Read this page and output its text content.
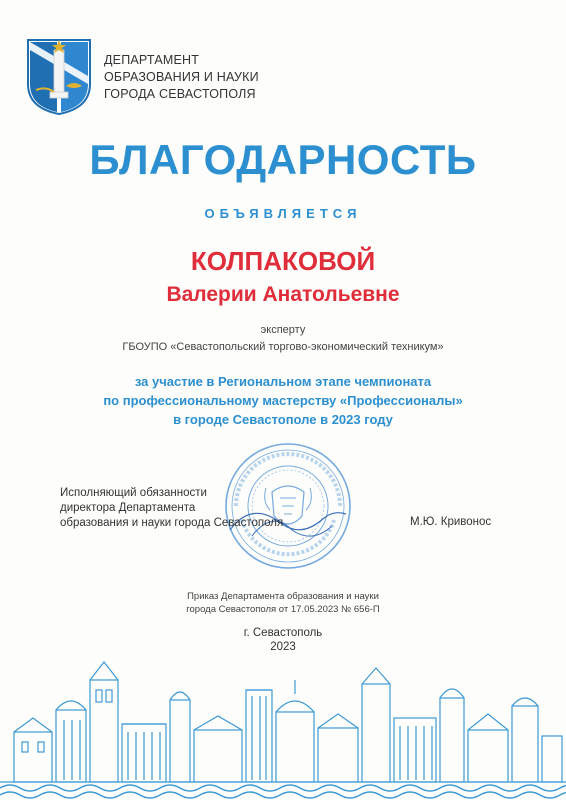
ДЕПАРТАМЕНТ
ОБРАЗОВАНИЯ И НАУКИ
ГОРОДА СЕВАСТОПОЛЯ
БЛАГОДАРНОСТЬ
ОБЪЯВЛЯЕТСЯ
КОЛПАКОВОЙ
Валерии Анатольевне
эксперту
ГБОУПО «Севастопольский торгово-экономический техникум»
за участие в Региональном этапе чемпионата
по профессиональному мастерству «Профессионалы»
в городе Севастополе в 2023 году
Исполняющий обязанности
директора Департамента
образования и науки города Севастополя	М.Ю. Кривонос
Приказ Департамента образования и науки
города Севастополя от 17.05.2023 № 656-П
г. Севастополь
2023
